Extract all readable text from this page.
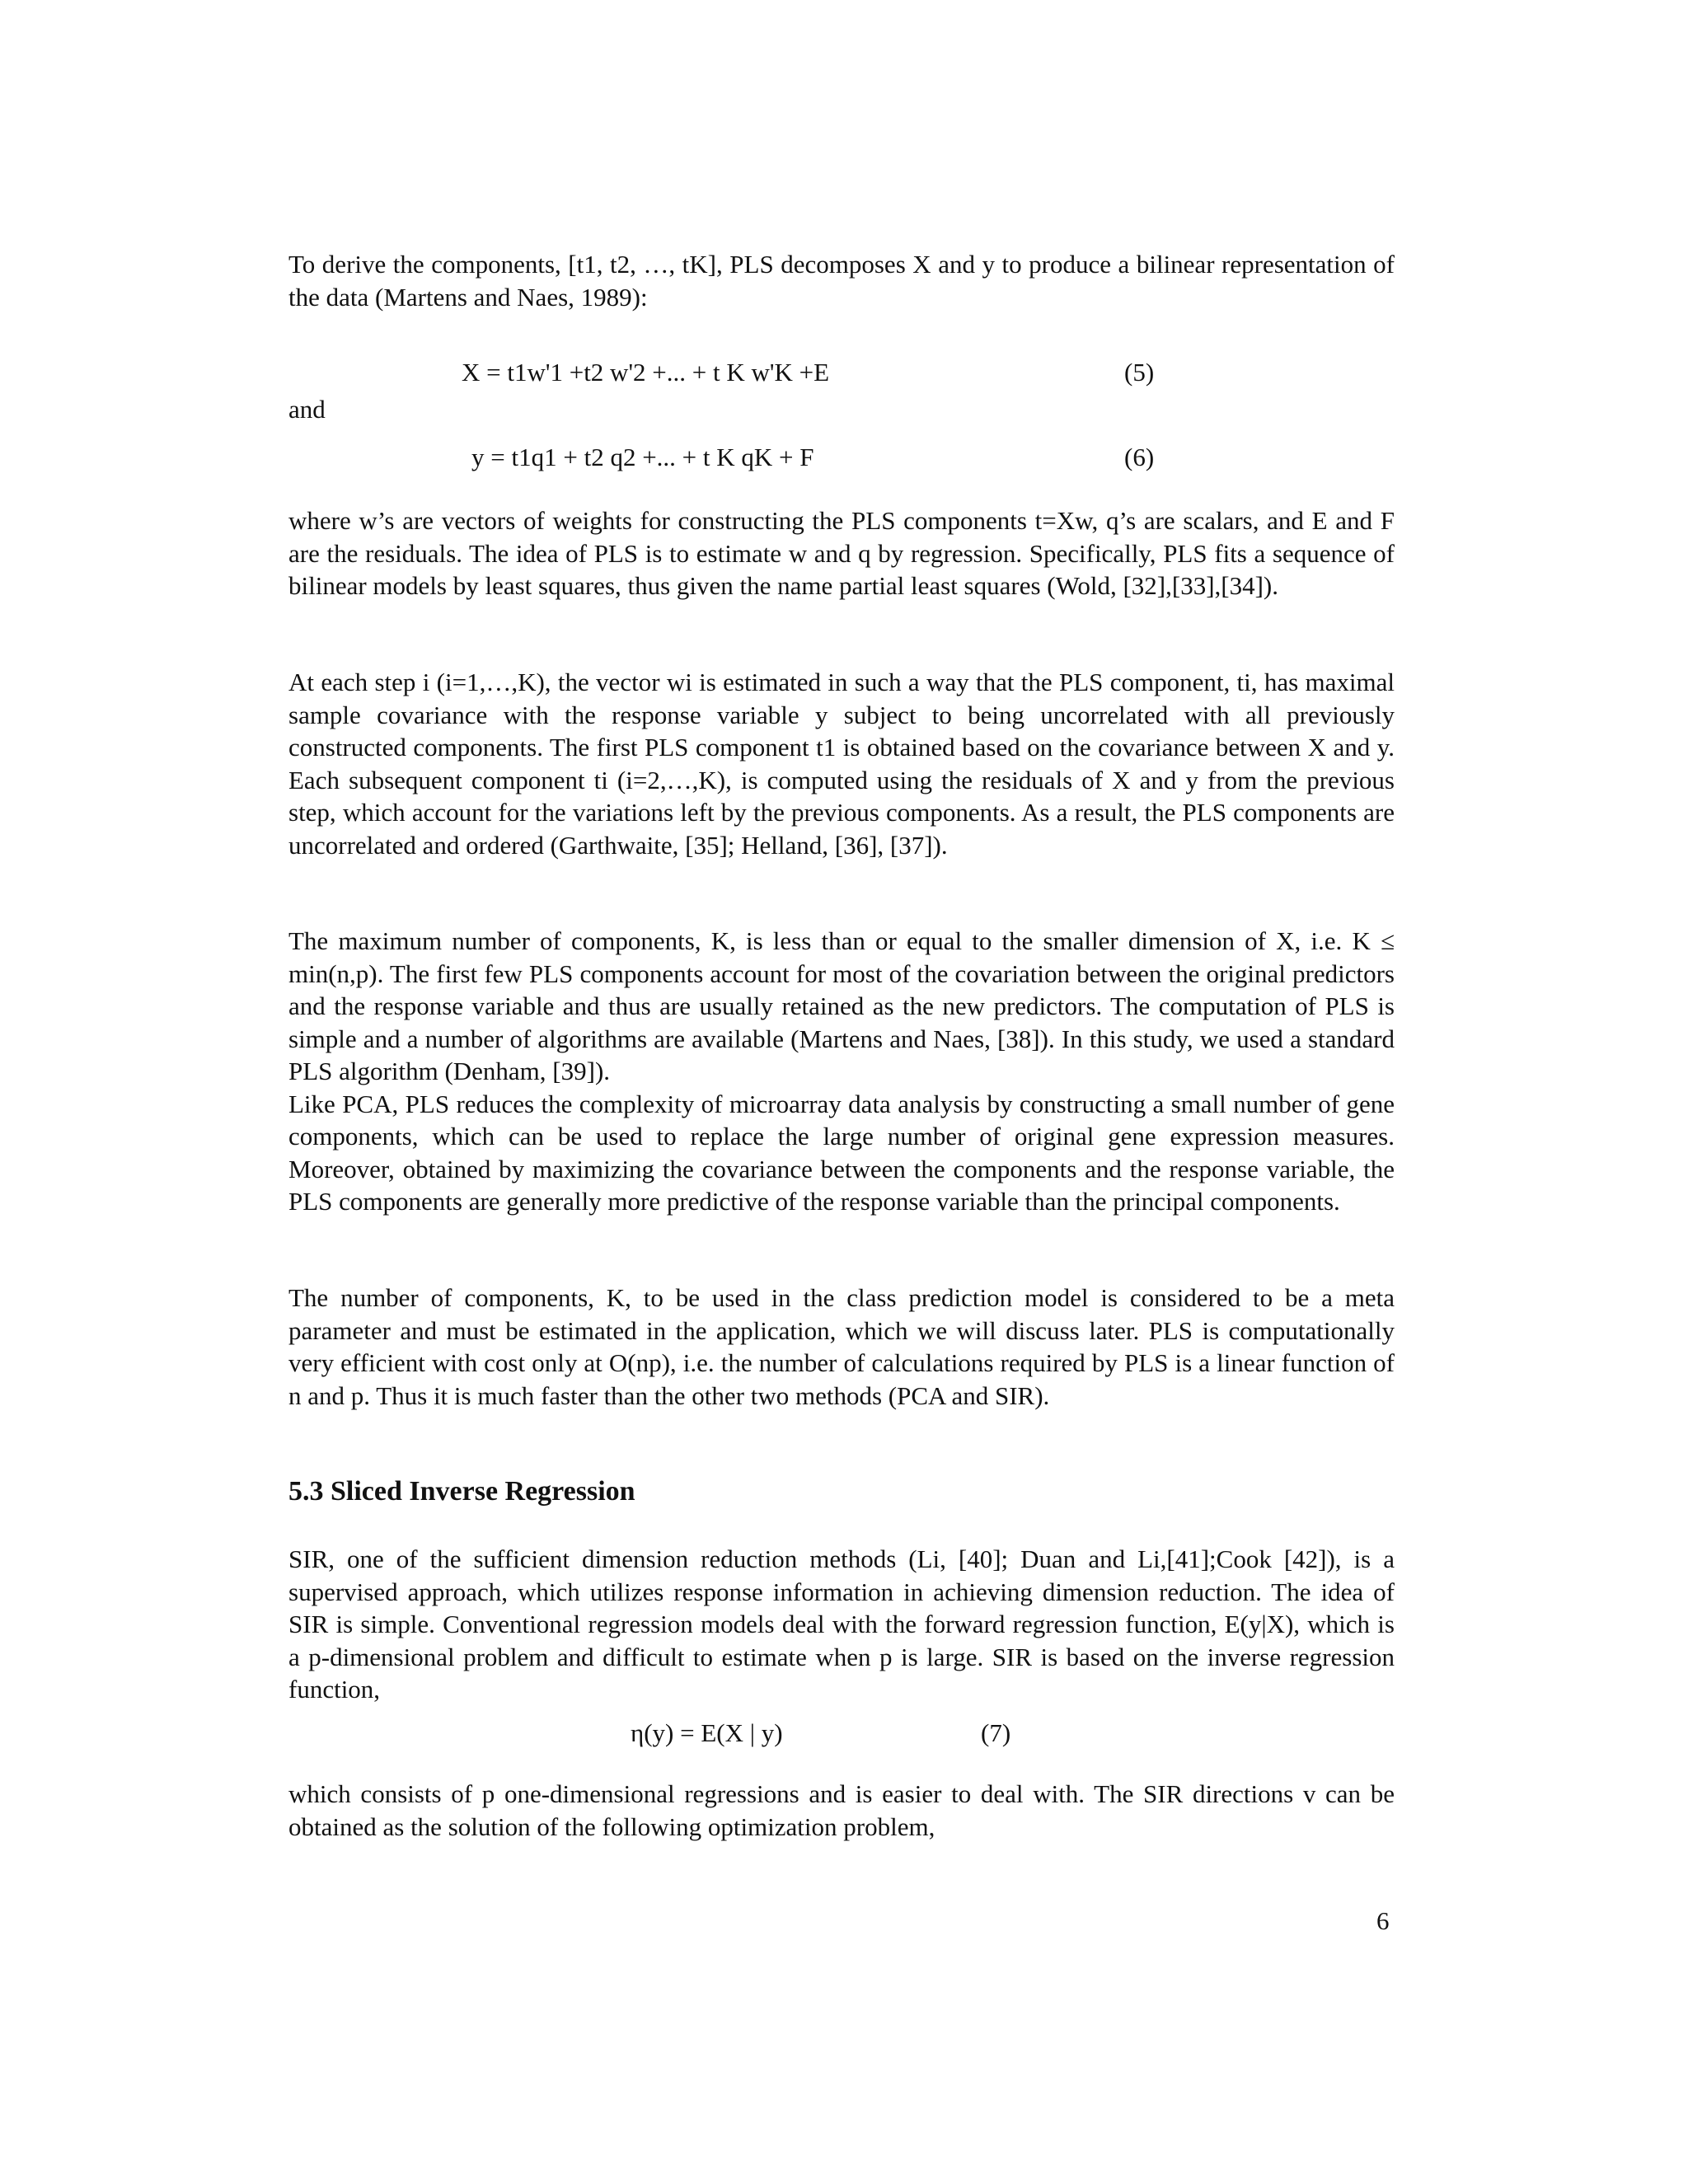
To derive the components, [t1, t2, …, tK], PLS decomposes X and y to produce a bilinear representation of the data (Martens and Naes, 1989):

X = t1w'1 +t2 w'2 +... + t K w'K +E	(5)
and
y = t1q1 + t2 q2 +... + t K qK + F	(6)

where w’s are vectors of weights for constructing the PLS components t=Xw, q’s are scalars, and E and F are the residuals. The idea of PLS is to estimate w and q by regression. Specifically, PLS fits a sequence of bilinear models by least squares, thus given the name partial least squares (Wold, [32],[33],[34]).

At each step i (i=1,…,K), the vector wi is estimated in such a way that the PLS component, ti, has maximal sample covariance with the response variable y subject to being uncorrelated with all previously constructed components. The first PLS component t1 is obtained based on the covariance between X and y. Each subsequent component ti (i=2,…,K), is computed using the residuals of X and y from the previous step, which account for the variations left by the previous components. As a result, the PLS components are uncorrelated and ordered (Garthwaite, [35]; Helland, [36], [37]).

The maximum number of components, K, is less than or equal to the smaller dimension of X, i.e. K ≤ min(n,p). The first few PLS components account for most of the covariation between the original predictors and the response variable and thus are usually retained as the new predictors. The computation of PLS is simple and a number of algorithms are available (Martens and Naes, [38]). In this study, we used a standard PLS algorithm (Denham, [39]).

Like PCA, PLS reduces the complexity of microarray data analysis by constructing a small number of gene components, which can be used to replace the large number of original gene expression measures. Moreover, obtained by maximizing the covariance between the components and the response variable, the PLS components are generally more predictive of the response variable than the principal components.

The number of components, K, to be used in the class prediction model is considered to be a meta parameter and must be estimated in the application, which we will discuss later. PLS is computationally very efficient with cost only at O(np), i.e. the number of calculations required by PLS is a linear function of n and p. Thus it is much faster than the other two methods (PCA and SIR).

5.3 Sliced Inverse Regression

SIR, one of the sufficient dimension reduction methods (Li, [40]; Duan and Li,[41];Cook [42]), is a supervised approach, which utilizes response information in achieving dimension reduction. The idea of SIR is simple. Conventional regression models deal with the forward regression function, E(y|X), which is a p-dimensional problem and difficult to estimate when p is large. SIR is based on the inverse regression function,

η(y) = E(X | y)	(7)

which consists of p one-dimensional regressions and is easier to deal with. The SIR directions v can be obtained as the solution of the following optimization problem,

6
